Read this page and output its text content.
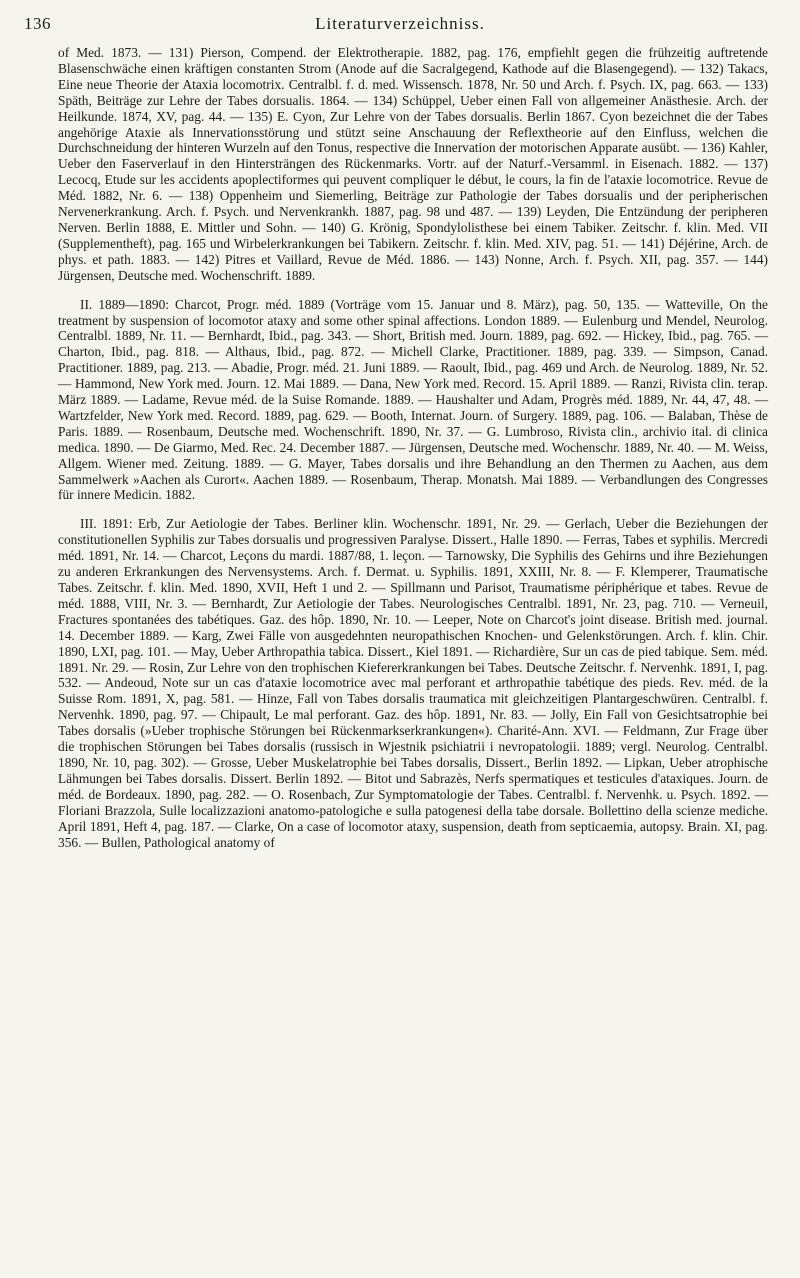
136	Literaturverzeichniss.

of Med. 1873. — 131) Pierson, Compend. der Elektrotherapie. 1882, pag. 176, empfiehlt gegen die frühzeitig auftretende Blasenschwäche einen kräftigen constanten Strom (Anode auf die Sacralgegend, Kathode auf die Blasengegend). — 132) Takacs, Eine neue Theorie der Ataxia locomotrix. Centralbl. f. d. med. Wissensch. 1878, Nr. 50 und Arch. f. Psych. IX, pag. 663. — 133) Späth, Beiträge zur Lehre der Tabes dorsualis. 1864. — 134) Schüppel, Ueber einen Fall von allgemeiner Anästhesie. Arch. der Heilkunde. 1874, XV, pag. 44. — 135) E. Cyon, Zur Lehre von der Tabes dorsualis. Berlin 1867. Cyon bezeichnet die der Tabes angehörige Ataxie als Innervationsstörung und stützt seine Anschauung der Reflextheorie auf den Einfluss, welchen die Durchschneidung der hinteren Wurzeln auf den Tonus, respective die Innervation der motorischen Apparate ausübt. — 136) Kahler, Ueber den Faserverlauf in den Hintersträngen des Rückenmarks. Vortr. auf der Naturf.-Versamml. in Eisenach. 1882. — 137) Lecocq, Etude sur les accidents apoplectiformes qui peuvent compliquer le début, le cours, la fin de l'ataxie locomotrice. Revue de Méd. 1882, Nr. 6. — 138) Oppenheim und Siemerling, Beiträge zur Pathologie der Tabes dorsualis und der peripherischen Nervenerkrankung. Arch. f. Psych. und Nervenkrankh. 1887, pag. 98 und 487. — 139) Leyden, Die Entzündung der peripheren Nerven. Berlin 1888, E. Mittler und Sohn. — 140) G. Krönig, Spondylolisthese bei einem Tabiker. Zeitschr. f. klin. Med. VII (Supplementheft), pag. 165 und Wirbelerkrankungen bei Tabikern. Zeitschr. f. klin. Med. XIV, pag. 51. — 141) Déjérine, Arch. de phys. et path. 1883. — 142) Pitres et Vaillard, Revue de Méd. 1886. — 143) Nonne, Arch. f. Psych. XII, pag. 357. — 144) Jürgensen, Deutsche med. Wochenschrift. 1889.

II. 1889—1890: Charcot, Progr. méd. 1889 (Vorträge vom 15. Januar und 8. März), pag. 50, 135. — Watteville, On the treatment by suspension of locomotor ataxy and some other spinal affections. London 1889. — Eulenburg und Mendel, Neurolog. Centralbl. 1889, Nr. 11. — Bernhardt, Ibid., pag. 343. — Short, British med. Journ. 1889, pag. 692. — Hickey, Ibid., pag. 765. — Charton, Ibid., pag. 818. — Althaus, Ibid., pag. 872. — Michell Clarke, Practitioner. 1889, pag. 339. — Simpson, Canad. Practitioner. 1889, pag. 213. — Abadie, Progr. méd. 21. Juni 1889. — Raoult, Ibid., pag. 469 und Arch. de Neurolog. 1889, Nr. 52. — Hammond, New York med. Journ. 12. Mai 1889. — Dana, New York med. Record. 15. April 1889. — Ranzi, Rivista clin. terap. März 1889. — Ladame, Revue méd. de la Suise Romande. 1889. — Haushalter und Adam, Progrès méd. 1889, Nr. 44, 47, 48. — Wartzfelder, New York med. Record. 1889, pag. 629. — Booth, Internat. Journ. of Surgery. 1889, pag. 106. — Balaban, Thèse de Paris. 1889. — Rosenbaum, Deutsche med. Wochenschrift. 1890, Nr. 37. — G. Lumbroso, Rivista clin., archivio ital. di clinica medica. 1890. — De Giarmo, Med. Rec. 24. December 1887. — Jürgensen, Deutsche med. Wochenschr. 1889, Nr. 40. — M. Weiss, Allgem. Wiener med. Zeitung. 1889. — G. Mayer, Tabes dorsalis und ihre Behandlung an den Thermen zu Aachen, aus dem Sammelwerk »Aachen als Curort«. Aachen 1889. — Rosenbaum, Therap. Monatsh. Mai 1889. — Verbandlungen des Congresses für innere Medicin. 1882.

III. 1891: Erb, Zur Aetiologie der Tabes. Berliner klin. Wochenschr. 1891, Nr. 29. — Gerlach, Ueber die Beziehungen der constitutionellen Syphilis zur Tabes dorsualis und progressiven Paralyse. Dissert., Halle 1890. — Ferras, Tabes et syphilis. Mercredi méd. 1891, Nr. 14. — Charcot, Leçons du mardi. 1887/88, 1. leçon. — Tarnowsky, Die Syphilis des Gehirns und ihre Beziehungen zu anderen Erkrankungen des Nervensystems. Arch. f. Dermat. u. Syphilis. 1891, XXIII, Nr. 8. — F. Klemperer, Traumatische Tabes. Zeitschr. f. klin. Med. 1890, XVII, Heft 1 und 2. — Spillmann und Parisot, Traumatisme périphérique et tabes. Revue de méd. 1888, VIII, Nr. 3. — Bernhardt, Zur Aetiologie der Tabes. Neurologisches Centralbl. 1891, Nr. 23, pag. 710. — Verneuil, Fractures spontanées des tabétiques. Gaz. des hôp. 1890, Nr. 10. — Leeper, Note on Charcot's joint disease. British med. journal. 14. December 1889. — Karg, Zwei Fälle von ausgedehnten neuropathischen Knochen- und Gelenkstörungen. Arch. f. klin. Chir. 1890, LXI, pag. 101. — May, Ueber Arthropathia tabica. Dissert., Kiel 1891. — Richardière, Sur un cas de pied tabique. Sem. méd. 1891. Nr. 29. — Rosin, Zur Lehre von den trophischen Kiefererkrankungen bei Tabes. Deutsche Zeitschr. f. Nervenhk. 1891, I, pag. 532. — Andeoud, Note sur un cas d'ataxie locomotrice avec mal perforant et arthropathie tabétique des pieds. Rev. méd. de la Suisse Rom. 1891, X, pag. 581. — Hinze, Fall von Tabes dorsalis traumatica mit gleichzeitigen Plantargeschwüren. Centralbl. f. Nervenhk. 1890, pag. 97. — Chipault, Le mal perforant. Gaz. des hôp. 1891, Nr. 83. — Jolly, Ein Fall von Gesichtsatrophie bei Tabes dorsalis (»Ueber trophische Störungen bei Rückenmarkserkrankungen«). Charité-Ann. XVI. — Feldmann, Zur Frage über die trophischen Störungen bei Tabes dorsalis (russisch in Wjestnik psichiatrii i nevropatologii. 1889; vergl. Neurolog. Centralbl. 1890, Nr. 10, pag. 302). — Grosse, Ueber Muskelatrophie bei Tabes dorsalis, Dissert., Berlin 1892. — Lipkan, Ueber atrophische Lähmungen bei Tabes dorsalis. Dissert. Berlin 1892. — Bitot und Sabrazès, Nerfs spermatiques et testicules d'ataxiques. Journ. de méd. de Bordeaux. 1890, pag. 282. — O. Rosenbach, Zur Symptomatologie der Tabes. Centralbl. f. Nervenhk. u. Psych. 1892. — Floriani Brazzola, Sulle localizzazioni anatomo-patologiche e sulla patogenesi della tabe dorsale. Bollettino della scienze mediche. April 1891, Heft 4, pag. 187. — Clarke, On a case of locomotor ataxy, suspension, death from septicaemia, autopsy. Brain. XI, pag. 356. — Bullen, Pathological anatomy of
